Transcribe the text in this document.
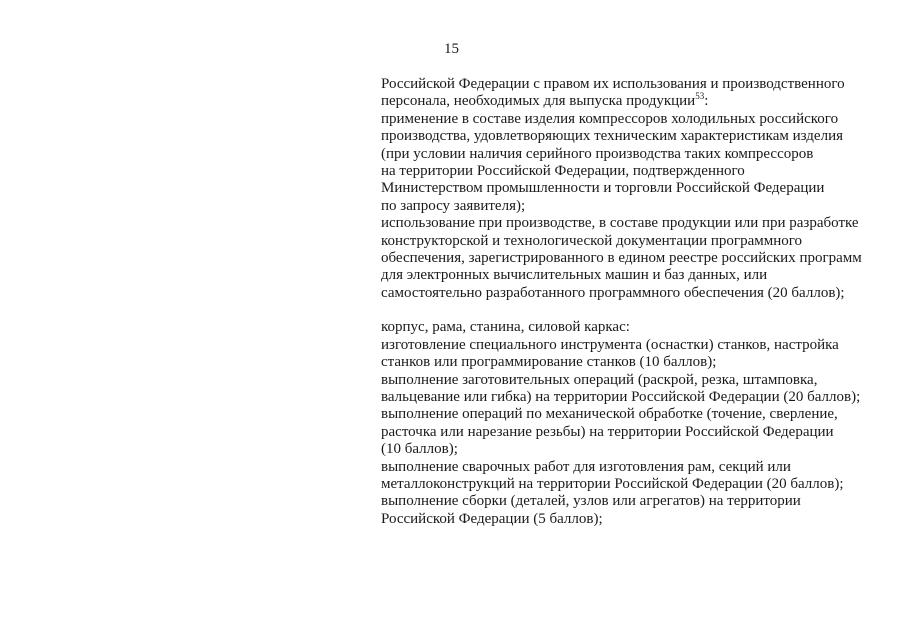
15
Российской Федерации с правом их использования и производственного
персонала, необходимых для выпуска продукции$^{53}$:
применение в составе изделия компрессоров холодильных российского
производства, удовлетворяющих техническим характеристикам изделия
(при условии наличия серийного производства таких компрессоров
на территории Российской Федерации, подтвержденного
Министерством промышленности и торговли Российской Федерации
по запросу заявителя);
использование при производстве, в составе продукции или при разработке
конструкторской и технологической документации программного
обеспечения, зарегистрированного в едином реестре российских программ
для электронных вычислительных машин и баз данных, или
самостоятельно разработанного программного обеспечения (20 баллов);
корпус, рама, станина, силовой каркас:
изготовление специального инструмента (оснастки) станков, настройка
станков или программирование станков (10 баллов);
выполнение заготовительных операций (раскрой, резка, штамповка,
вальцевание или гибка) на территории Российской Федерации (20 баллов);
выполнение операций по механической обработке (точение, сверление,
расточка или нарезание резьбы) на территории Российской Федерации
(10 баллов);
выполнение сварочных работ для изготовления рам, секций или
металлоконструкций на территории Российской Федерации (20 баллов);
выполнение сборки (деталей, узлов или агрегатов) на территории
Российской Федерации (5 баллов);
